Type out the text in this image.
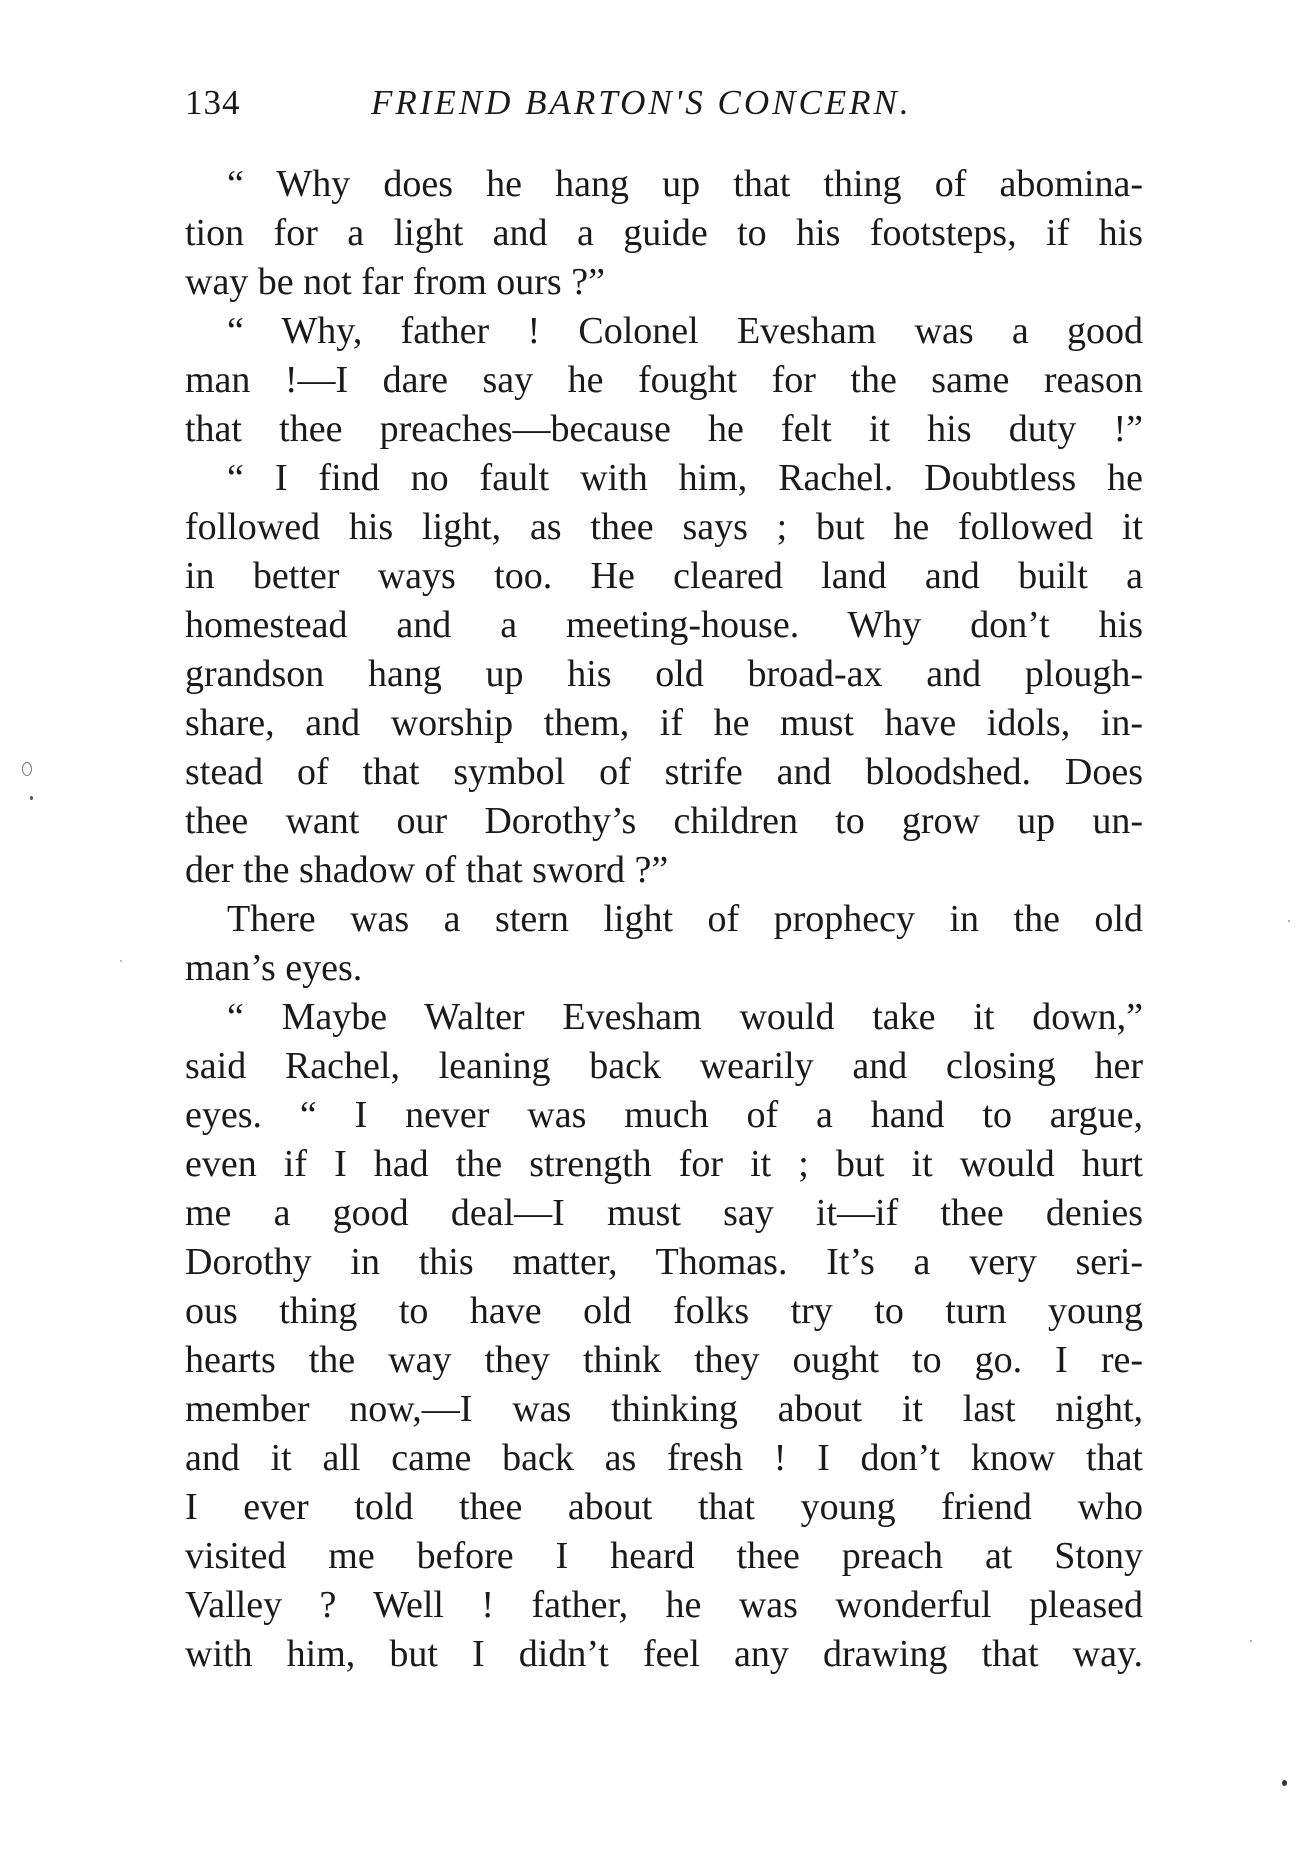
134	FRIEND BARTON'S CONCERN.
“ Why does he hang up that thing of abomina-
tion for a light and a guide to his footsteps, if his
way be not far from ours ?”
“ Why, father ! Colonel Evesham was a good
man !—I dare say he fought for the same reason
that thee preaches—because he felt it his duty !”
“ I find no fault with him, Rachel. Doubtless he
followed his light, as thee says ; but he followed it
in better ways too. He cleared land and built a
homestead and a meeting-house. Why don’t his
grandson hang up his old broad-ax and plough-
share, and worship them, if he must have idols, in-
stead of that symbol of strife and bloodshed. Does
thee want our Dorothy’s children to grow up un-
der the shadow of that sword ?”
There was a stern light of prophecy in the old
man’s eyes.
“ Maybe Walter Evesham would take it down,”
said Rachel, leaning back wearily and closing her
eyes. “ I never was much of a hand to argue,
even if I had the strength for it ; but it would hurt
me a good deal—I must say it—if thee denies
Dorothy in this matter, Thomas. It’s a very seri-
ous thing to have old folks try to turn young
hearts the way they think they ought to go. I re-
member now,—I was thinking about it last night,
and it all came back as fresh ! I don’t know that
I ever told thee about that young friend who
visited me before I heard thee preach at Stony
Valley ? Well ! father, he was wonderful pleased
with him, but I didn’t feel any drawing that way.
